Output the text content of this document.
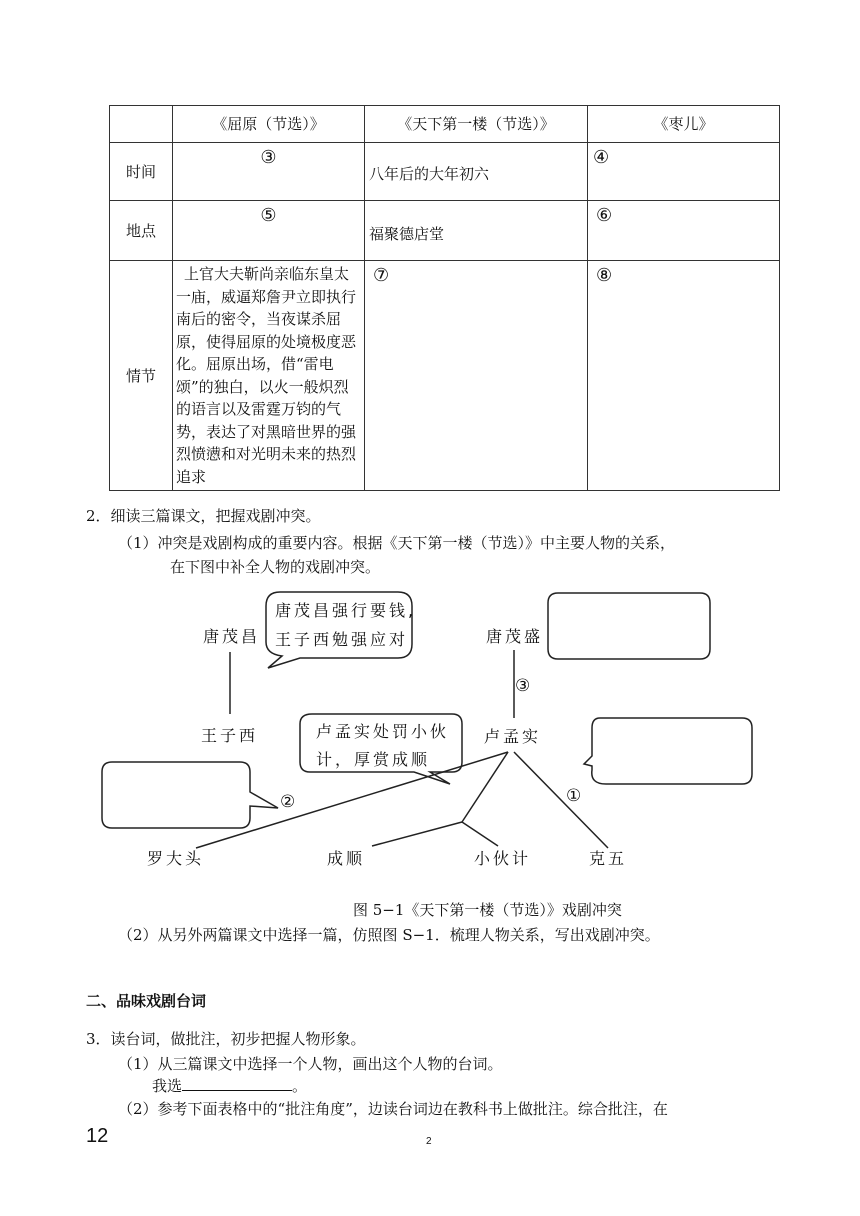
	《屈原（节选）》	《天下第一楼（节选）》	《枣儿》
时间	③	八年后的大年初六	④

地点	⑤	福聚德店堂	⑥

情节	上官大夫靳尚亲临东皇太一庙，威逼郑詹尹立即执行南后的密令，当夜谋杀屈原，使得屈原的处境极度恶化。屈原出场，借“雷电颂”的独白，以火一般炽烈的语言以及雷霆万钧的气势，表达了对黑暗世界的强烈愤懑和对光明未来的热烈追求	⑦	⑧
2．细读三篇课文，把握戏剧冲突。
（1）冲突是戏剧构成的重要内容。根据《天下第一楼（节选）》中主要人物的关系，
在下图中补全人物的戏剧冲突。
唐茂昌
王子西
唐茂盛
卢孟实
罗大头	成顺	小伙计	克五
唐茂昌强行要钱,
王子西勉强应对
卢孟实处罚小伙
计，厚赏成顺
③
②	①
图 5−1《天下第一楼（节选）》戏剧冲突
（2）从另外两篇课文中选择一篇，仿照图 S−1．梳理人物关系，写出戏剧冲突。
二、品味戏剧台词
3．读台词，做批注，初步把握人物形象。
（1）从三篇课文中选择一个人物，画出这个人物的台词。
我选	。
（2）参考下面表格中的“批注角度”，边读台词边在教科书上做批注。综合批注，在
12	2
